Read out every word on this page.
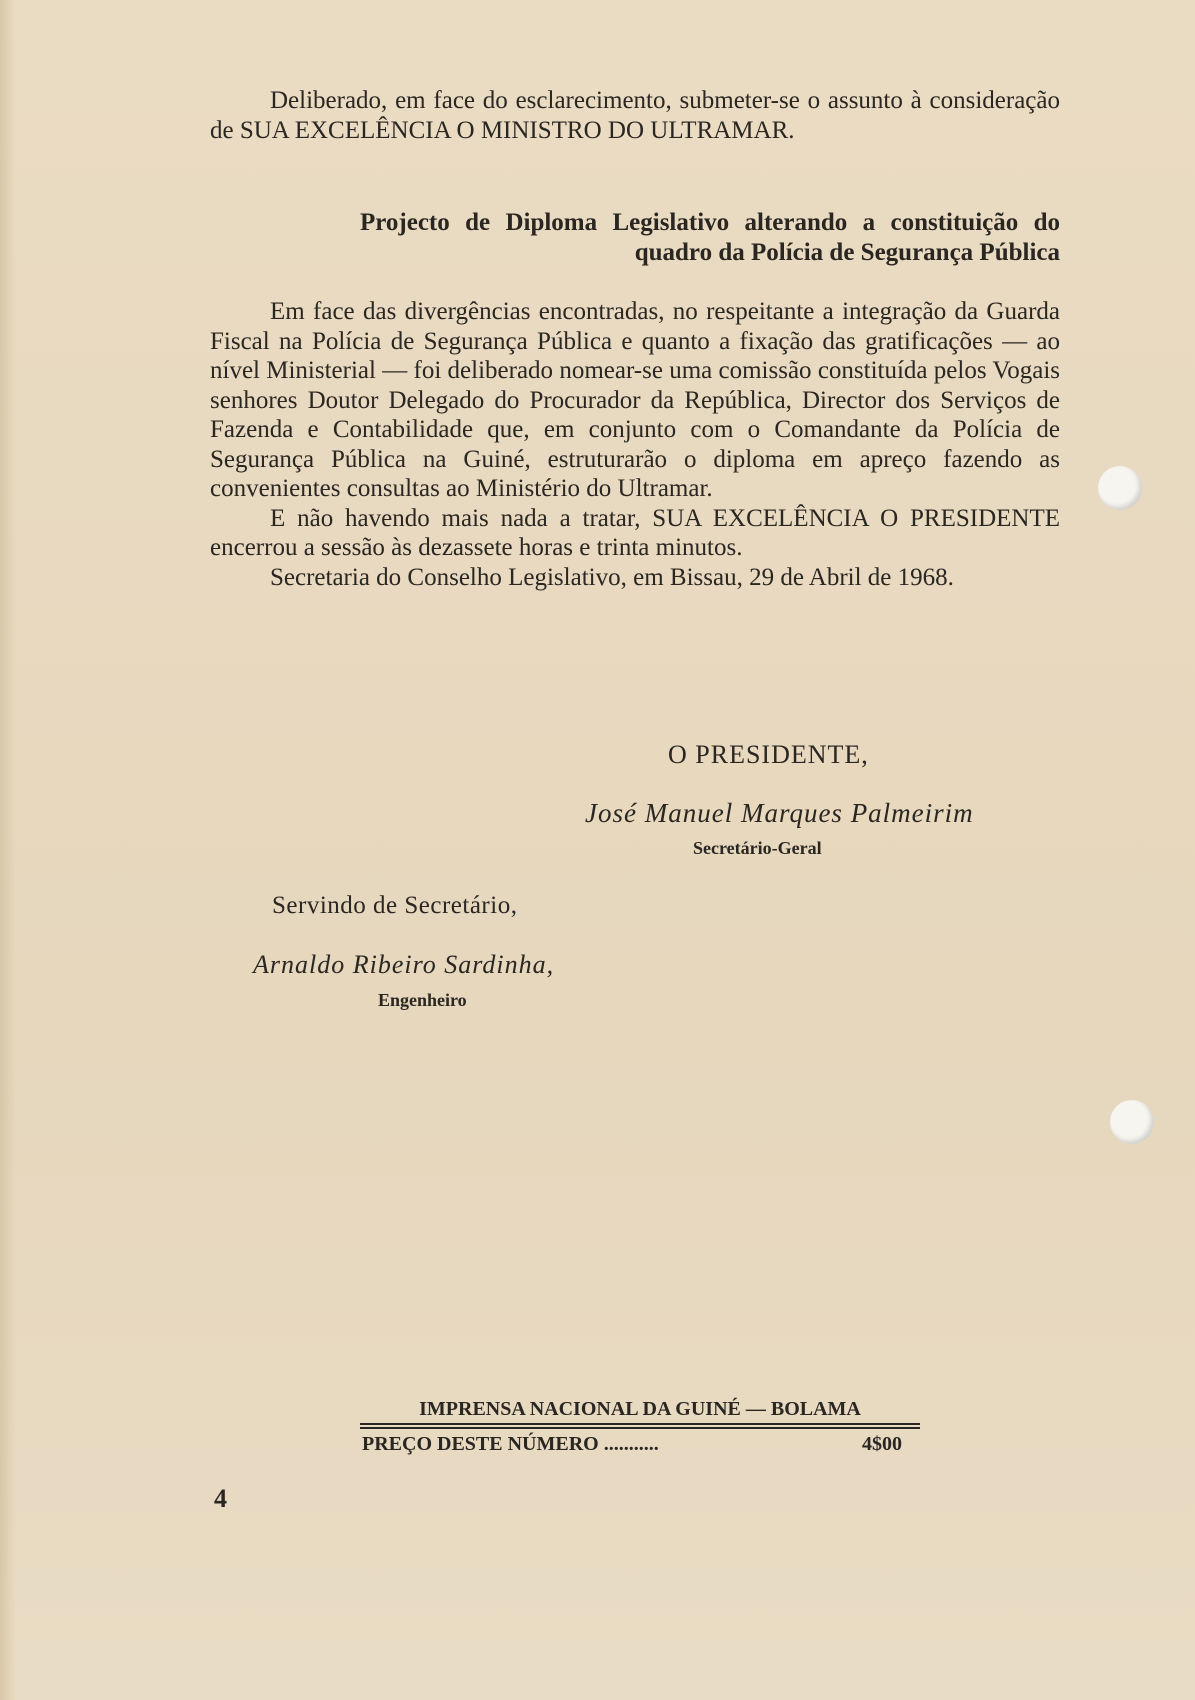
Deliberado, em face do esclarecimento, submeter-se o assunto à consideração de SUA EXCELÊNCIA O MINISTRO DO ULTRAMAR.

Projecto de Diploma Legislativo alterando a constituição do quadro da Polícia de Segurança Pública

Em face das divergências encontradas, no respeitante a integração da Guarda Fiscal na Polícia de Segurança Pública e quanto a fixação das gratificações — ao nível Ministerial — foi deliberado nomear-se uma comissão constituída pelos Vogais senhores Doutor Delegado do Procurador da República, Director dos Serviços de Fazenda e Contabilidade que, em conjunto com o Comandante da Polícia de Segurança Pública na Guiné, estruturarão o diploma em apreço fazendo as convenientes consultas ao Ministério do Ultramar.

E não havendo mais nada a tratar, SUA EXCELÊNCIA O PRESIDENTE encerrou a sessão às dezassete horas e trinta minutos.

Secretaria do Conselho Legislativo, em Bissau, 29 de Abril de 1968.

O PRESIDENTE,
José Manuel Marques Palmeirim
Secretário-Geral
Servindo de Secretário,
Arnaldo Ribeiro Sardinha,
Engenheiro
IMPRENSA NACIONAL DA GUINÉ — BOLAMA
PREÇO DESTE NÚMERO ...........	4$00
4
